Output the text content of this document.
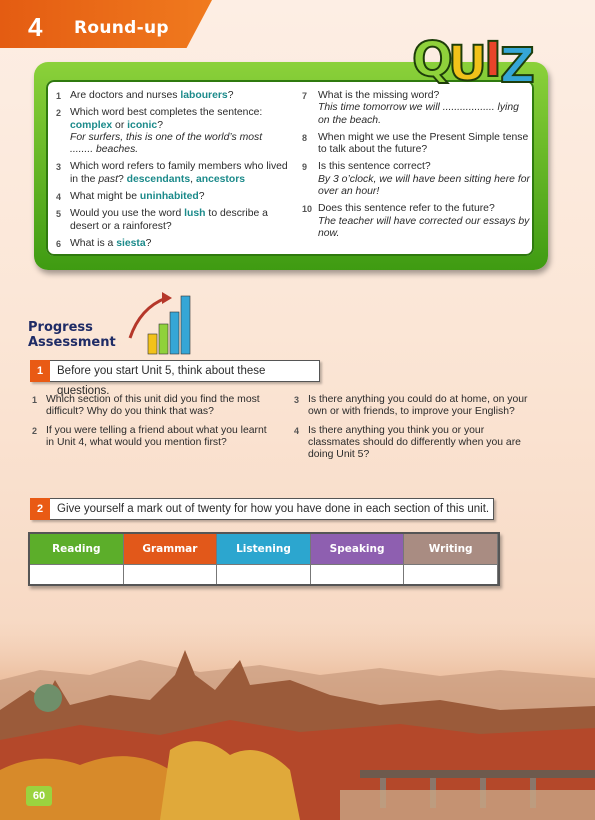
4 Round-up
Q
U
I
Z
1 Are doctors and nurses labourers?
2 Which word best completes the sentence: complex or iconic?
For surfers, this is one of the world’s most ........ beaches.
3 Which word refers to family members who lived in the past? descendants, ancestors
4 What might be uninhabited?
5 Would you use the word lush to describe a desert or a rainforest?
6 What is a siesta?
7 What is the missing word?
This time tomorrow we will .................. lying on the beach.
8 When might we use the Present Simple tense to talk about the future?
9 Is this sentence correct?
By 3 o’clock, we will have been sitting here for over an hour!
10 Does this sentence refer to the future?
The teacher will have corrected our essays by now.
Progress
Assessment
1	Before you start Unit 5, think about these questions.
1 Which section of this unit did you find the most difficult? Why do you think that was?
2 If you were telling a friend about what you learnt in Unit 4, what would you mention first?
3 Is there anything you could do at home, on your own or with friends, to improve your English?
4 Is there anything you think you or your classmates should do differently when you are doing Unit 5?
2	Give yourself a mark out of twenty for how you have done in each section of this unit.
Reading	Grammar	Listening	Speaking	Writing
60
